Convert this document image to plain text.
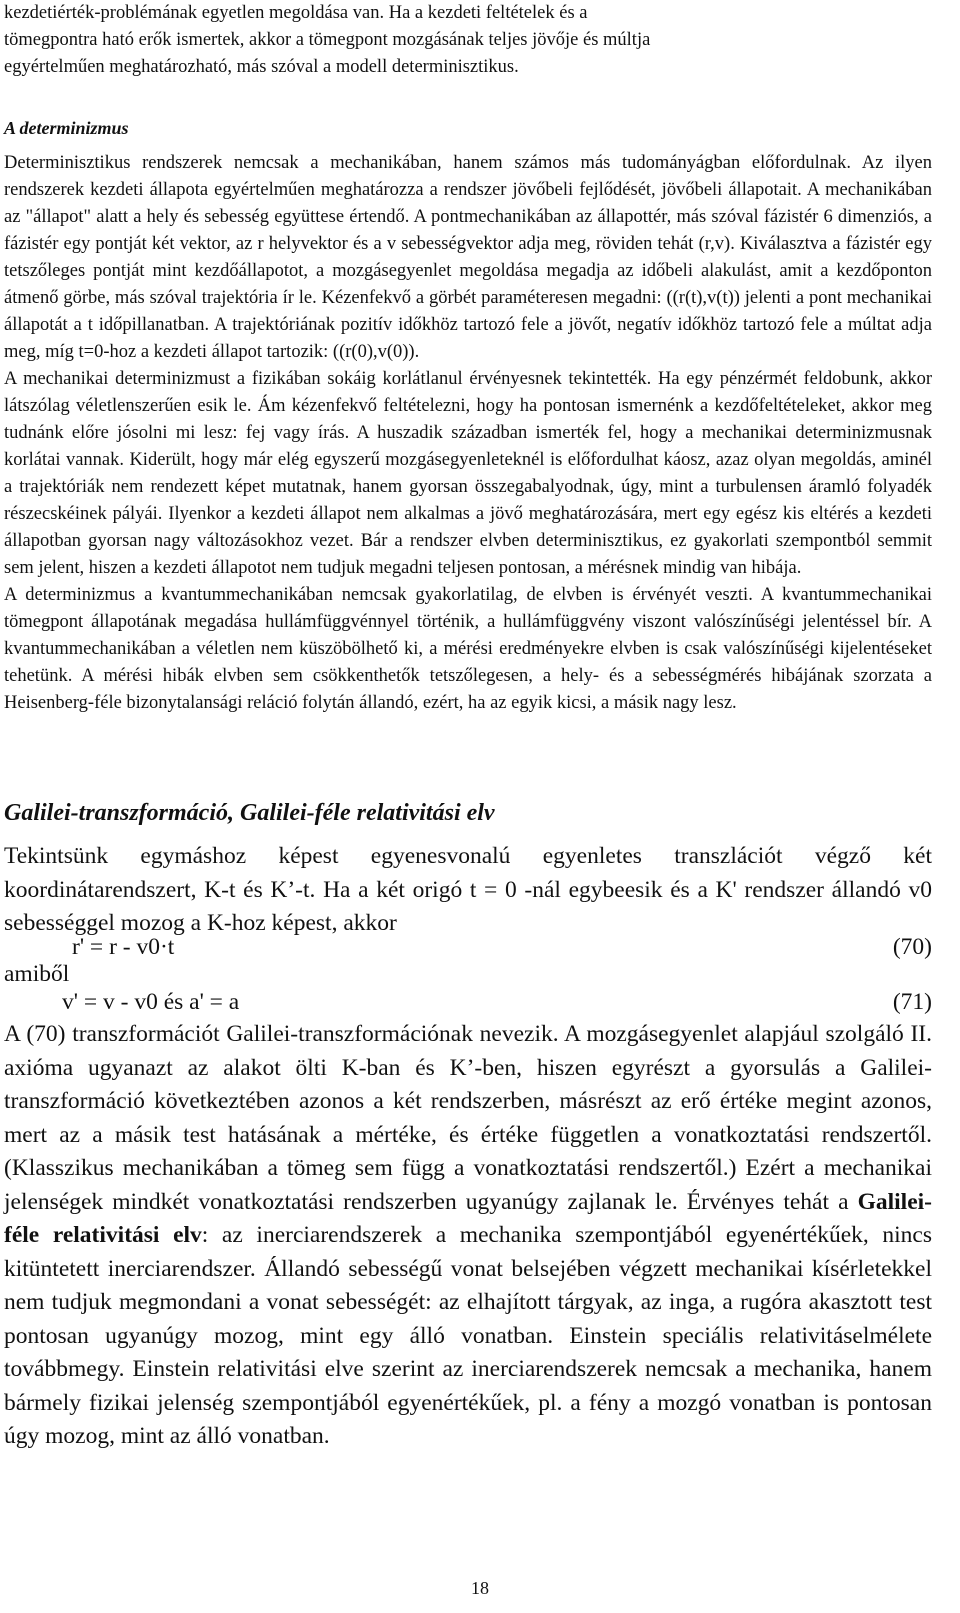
kezdetiérték-problémának egyetlen megoldása van. Ha a kezdeti feltételek és a

tömegpontra ható erők ismertek, akkor a tömegpont mozgásának teljes jövője és múltja

egyértelműen meghatározható, más szóval a modell determinisztikus.

A determinizmus

Determinisztikus rendszerek nemcsak a mechanikában, hanem számos más tudományágban előfordulnak. Az ilyen rendszerek kezdeti állapota egyértelműen meghatározza a rendszer jövőbeli fejlődését, jövőbeli állapotait. A mechanikában az "állapot" alatt a hely és sebesség együttese értendő. A pontmechanikában az állapottér, más szóval fázistér 6 dimenziós, a fázistér egy pontját két vektor, az r helyvektor és a v sebességvektor adja meg, röviden tehát (r,v). Kiválasztva a fázistér egy tetszőleges pontját mint kezdőállapotot, a mozgásegyenlet megoldása megadja az időbeli alakulást, amit a kezdőponton átmenő görbe, más szóval trajektória ír le. Kézenfekvő a görbét paraméteresen megadni: ((r(t),v(t)) jelenti a pont mechanikai állapotát a t időpillanatban. A trajektóriának pozitív időkhöz tartozó fele a jövőt, negatív időkhöz tartozó fele a múltat adja meg, míg t=0-hoz a kezdeti állapot tartozik: ((r(0),v(0)).

A mechanikai determinizmust a fizikában sokáig korlátlanul érvényesnek tekintették. Ha egy pénzérmét feldobunk, akkor látszólag véletlenszerűen esik le. Ám kézenfekvő feltételezni, hogy ha pontosan ismernénk a kezdőfeltételeket, akkor meg tudnánk előre jósolni mi lesz: fej vagy írás. A huszadik században ismerték fel, hogy a mechanikai determinizmusnak korlátai vannak. Kiderült, hogy már elég egyszerű mozgásegyenleteknél is előfordulhat káosz, azaz olyan megoldás, aminél a trajektóriák nem rendezett képet mutatnak, hanem gyorsan összegabalyodnak, úgy, mint a turbulensen áramló folyadék részecskéinek pályái. Ilyenkor a kezdeti állapot nem alkalmas a jövő meghatározására, mert egy egész kis eltérés a kezdeti állapotban gyorsan nagy változásokhoz vezet. Bár a rendszer elvben determinisztikus, ez gyakorlati szempontból semmit sem jelent, hiszen a kezdeti állapotot nem tudjuk megadni teljesen pontosan, a mérésnek mindig van hibája.

A determinizmus a kvantummechanikában nemcsak gyakorlatilag, de elvben is érvényét veszti. A kvantummechanikai tömegpont állapotának megadása hullámfüggvénnyel történik, a hullámfüggvény viszont valószínűségi jelentéssel bír. A kvantummechanikában a véletlen nem küszöbölhető ki, a mérési eredményekre elvben is csak valószínűségi kijelentéseket tehetünk. A mérési hibák elvben sem csökkenthetők tetszőlegesen, a hely- és a sebességmérés hibájának szorzata a Heisenberg-féle bizonytalansági reláció folytán állandó, ezért, ha az egyik kicsi, a másik nagy lesz.

Galilei-transzformáció, Galilei-féle relativitási elv

Tekintsünk egymáshoz képest egyenesvonalú egyenletes transzlációt végző két koordinátarendszert, K-t és K’-t. Ha a két origó t = 0 -nál egybeesik és a K' rendszer állandó v0 sebességgel mozog a K-hoz képest, akkor

r' = r - v0·t	(70)
amiből
v' = v - v0 és a' = a	(71)

A (70) transzformációt Galilei-transzformációnak nevezik. A mozgásegyenlet alapjául szolgáló II. axióma ugyanazt az alakot ölti K-ban és K’-ben, hiszen egyrészt a gyorsulás a Galilei-transzformáció következtében azonos a két rendszerben, másrészt az erő értéke megint azonos, mert az a másik test hatásának a mértéke, és értéke független a vonatkoztatási rendszertől. (Klasszikus mechanikában a tömeg sem függ a vonatkoztatási rendszertől.) Ezért a mechanikai jelenségek mindkét vonatkoztatási rendszerben ugyanúgy zajlanak le. Érvényes tehát a Galilei-féle relativitási elv: az inerciarendszerek a mechanika szempontjából egyenértékűek, nincs kitüntetett inerciarendszer. Állandó sebességű vonat belsejében végzett mechanikai kísérletekkel nem tudjuk megmondani a vonat sebességét: az elhajított tárgyak, az inga, a rugóra akasztott test pontosan ugyanúgy mozog, mint egy álló vonatban. Einstein speciális relativitáselmélete továbbmegy. Einstein relativitási elve szerint az inerciarendszerek nemcsak a mechanika, hanem bármely fizikai jelenség szempontjából egyenértékűek, pl. a fény a mozgó vonatban is pontosan úgy mozog, mint az álló vonatban.

18
